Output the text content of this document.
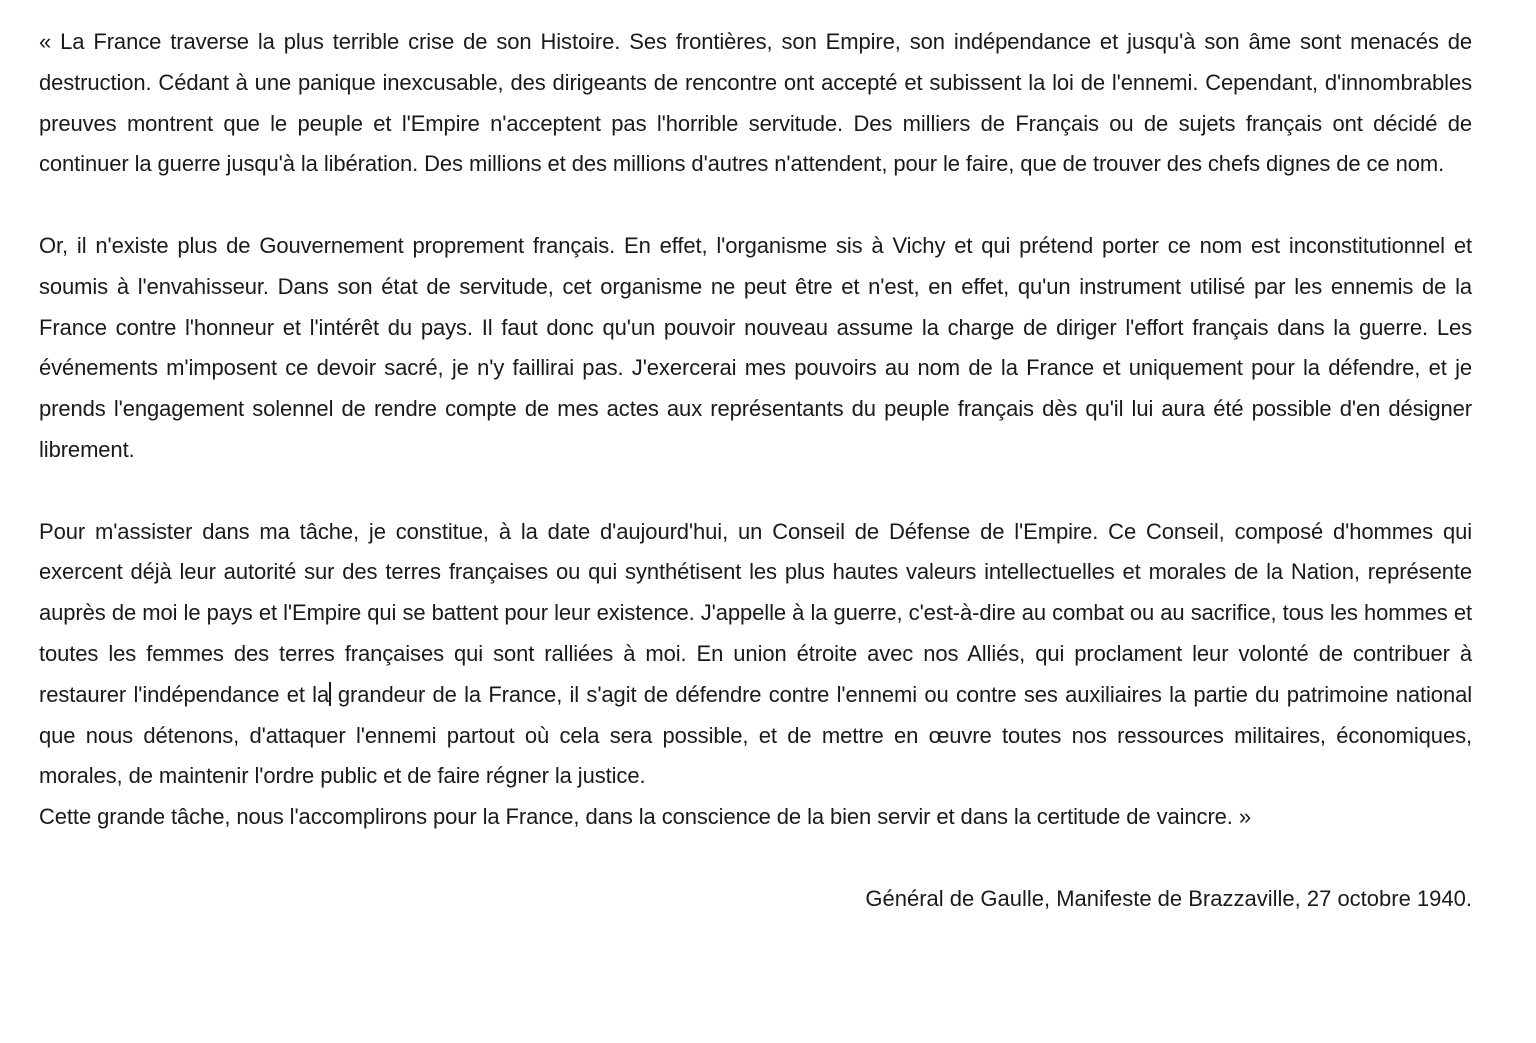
« La France traverse la plus terrible crise de son Histoire. Ses frontières, son Empire, son indépendance et jusqu'à son âme sont menacés de destruction. Cédant à une panique inexcusable, des dirigeants de rencontre ont accepté et subissent la loi de l'ennemi. Cependant, d'innombrables preuves montrent que le peuple et l'Empire n'acceptent pas l'horrible servitude. Des milliers de Français ou de sujets français ont décidé de continuer la guerre jusqu'à la libération. Des millions et des millions d'autres n'attendent, pour le faire, que de trouver des chefs dignes de ce nom.

Or, il n'existe plus de Gouvernement proprement français. En effet, l'organisme sis à Vichy et qui prétend porter ce nom est inconstitutionnel et soumis à l'envahisseur. Dans son état de servitude, cet organisme ne peut être et n'est, en effet, qu'un instrument utilisé par les ennemis de la France contre l'honneur et l'intérêt du pays. Il faut donc qu'un pouvoir nouveau assume la charge de diriger l'effort français dans la guerre. Les événements m'imposent ce devoir sacré, je n'y faillirai pas. J'exercerai mes pouvoirs au nom de la France et uniquement pour la défendre, et je prends l'engagement solennel de rendre compte de mes actes aux représentants du peuple français dès qu'il lui aura été possible d'en désigner librement.

Pour m'assister dans ma tâche, je constitue, à la date d'aujourd'hui, un Conseil de Défense de l'Empire. Ce Conseil, composé d'hommes qui exercent déjà leur autorité sur des terres françaises ou qui synthétisent les plus hautes valeurs intellectuelles et morales de la Nation, représente auprès de moi le pays et l'Empire qui se battent pour leur existence. J'appelle à la guerre, c'est-à-dire au combat ou au sacrifice, tous les hommes et toutes les femmes des terres françaises qui sont ralliées à moi. En union étroite avec nos Alliés, qui proclament leur volonté de contribuer à restaurer l'indépendance et la grandeur de la France, il s'agit de défendre contre l'ennemi ou contre ses auxiliaires la partie du patrimoine national que nous détenons, d'attaquer l'ennemi partout où cela sera possible, et de mettre en œuvre toutes nos ressources militaires, économiques, morales, de maintenir l'ordre public et de faire régner la justice.

Cette grande tâche, nous l'accomplirons pour la France, dans la conscience de la bien servir et dans la certitude de vaincre. »

Général de Gaulle, Manifeste de Brazzaville, 27 octobre 1940.
